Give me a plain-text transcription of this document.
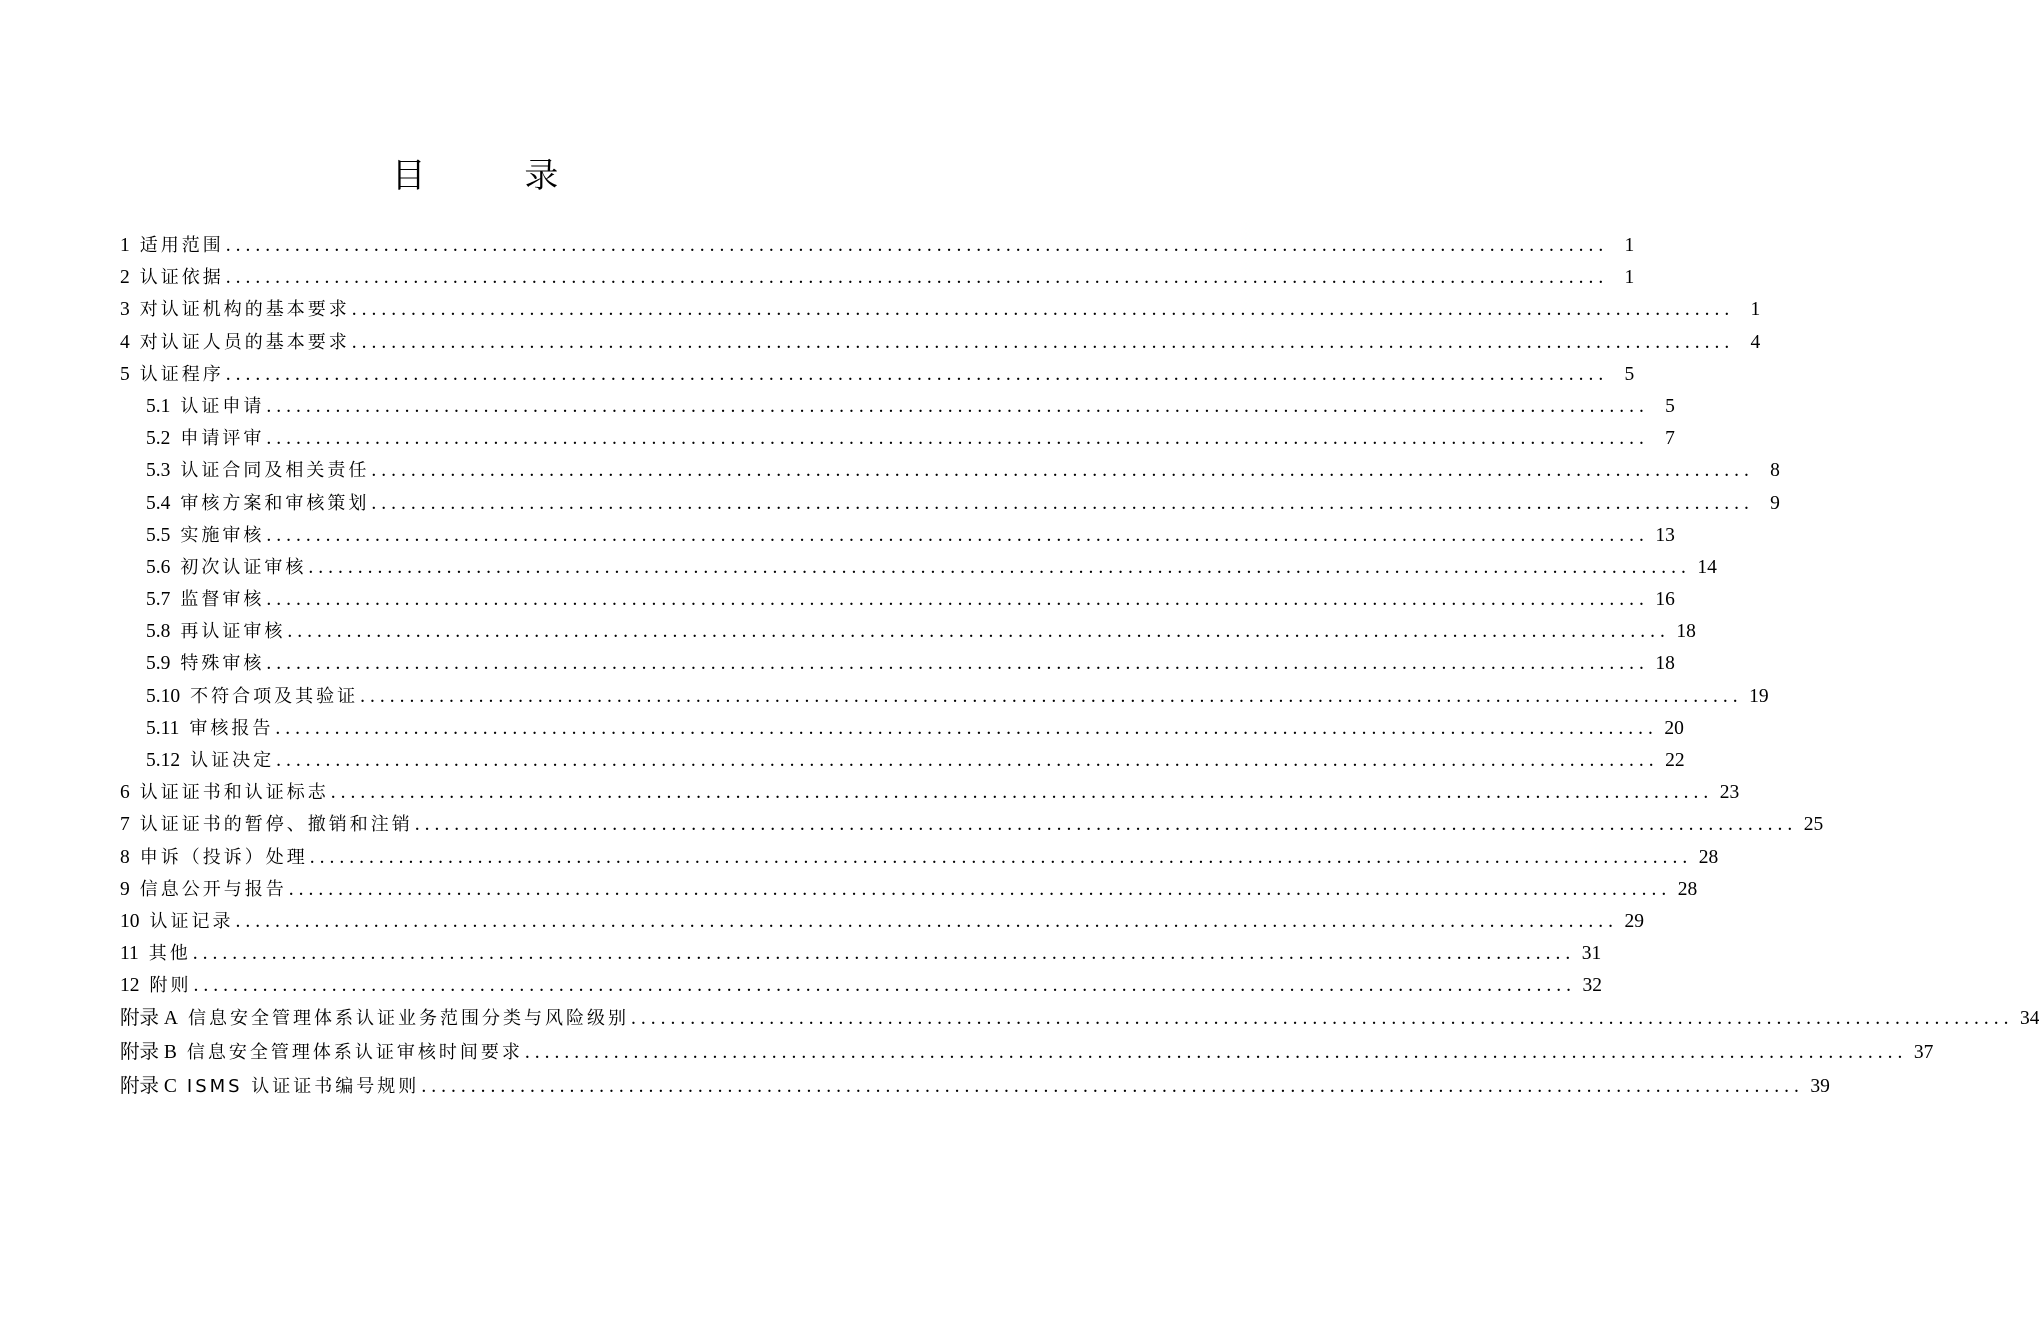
目 录
1 适用范围 ............................................................................................................................................ 1
2 认证依据 ............................................................................................................................................ 1
3 对认证机构的基本要求 ............................................................................................................................................ 1
4 对认证人员的基本要求 ............................................................................................................................................ 4
5 认证程序 ............................................................................................................................................ 5
5.1 认证申请 ............................................................................................................................................ 5
5.2 申请评审 ............................................................................................................................................ 7
5.3 认证合同及相关责任 ............................................................................................................................................ 8
5.4 审核方案和审核策划 ............................................................................................................................................ 9
5.5 实施审核 ............................................................................................................................................ 13
5.6 初次认证审核 ............................................................................................................................................ 14
5.7 监督审核 ............................................................................................................................................ 16
5.8 再认证审核 ............................................................................................................................................ 18
5.9 特殊审核 ............................................................................................................................................ 18
5.10 不符合项及其验证 ............................................................................................................................................ 19
5.11 审核报告 ............................................................................................................................................ 20
5.12 认证决定 ............................................................................................................................................ 22
6 认证证书和认证标志 ............................................................................................................................................ 23
7 认证证书的暂停、撤销和注销 ............................................................................................................................................ 25
8 申诉（投诉）处理 ............................................................................................................................................ 28
9 信息公开与报告 ............................................................................................................................................ 28
10 认证记录 ............................................................................................................................................ 29
11 其他 ............................................................................................................................................ 31
12 附则 ............................................................................................................................................ 32
附录 A 信息安全管理体系认证业务范围分类与风险级别 ............................................................................................................................................ 34
附录 B 信息安全管理体系认证审核时间要求 ............................................................................................................................................ 37
附录 C ISMS 认证证书编号规则 ............................................................................................................................................ 39
